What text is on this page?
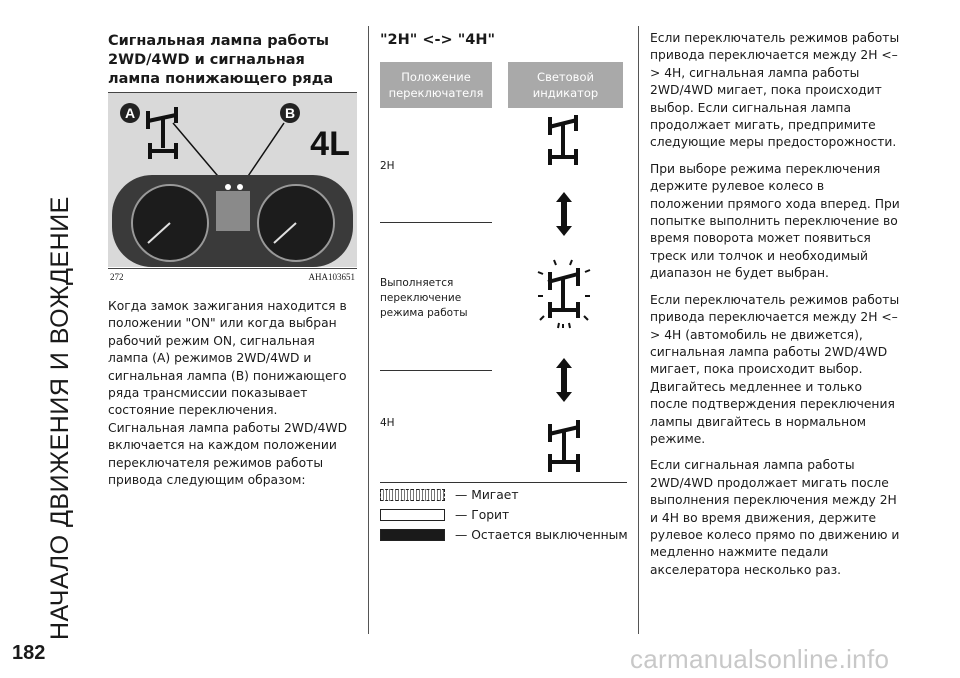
НАЧАЛО ДВИЖЕНИЯ И ВОЖДЕНИЕ
182	carmanualsonline.info
Сигнальная лампа работы 2WD/4WD и сигнальная лампа понижающего ряда
A	B
4L
272	AHA103651
Когда замок зажигания находится в положении "ON" или когда выбран рабочий режим ON, сигнальная лампа (A) режимов 2WD/4WD и сигнальная лампа (B) понижающего ряда трансмиссии показывает состояние переключения. Сигнальная лампа работы 2WD/4WD включается на каждом положении переключателя режимов работы привода следующим образом:
"2H" <-> "4H"
Положение переключателя
Световой индикатор
2H
Выполняется переключение режима работы
4H
— Мигает
— Горит
— Остается выключенным

Если переключатель режимов работы привода переключается между 2H <–> 4H, сигнальная лампа работы 2WD/4WD мигает, пока происходит выбор. Если сигнальная лампа продолжает мигать, предпримите следующие меры предосторожности.

При выборе режима переключения держите рулевое колесо в положении прямого хода вперед. При попытке выполнить переключение во время поворота может появиться треск или толчок и необходимый диапазон не будет выбран.

Если переключатель режимов работы привода переключается между 2H <–> 4H (автомобиль не движется), сигнальная лампа работы 2WD/4WD мигает, пока происходит выбор. Двигайтесь медленнее и только после подтверждения переключения лампы двигайтесь в нормальном режиме.

Если сигнальная лампа работы 2WD/4WD продолжает мигать после выполнения переключения между 2H и 4H во время движения, держите рулевое колесо прямо по движению и медленно нажмите педали акселератора несколько раз.
